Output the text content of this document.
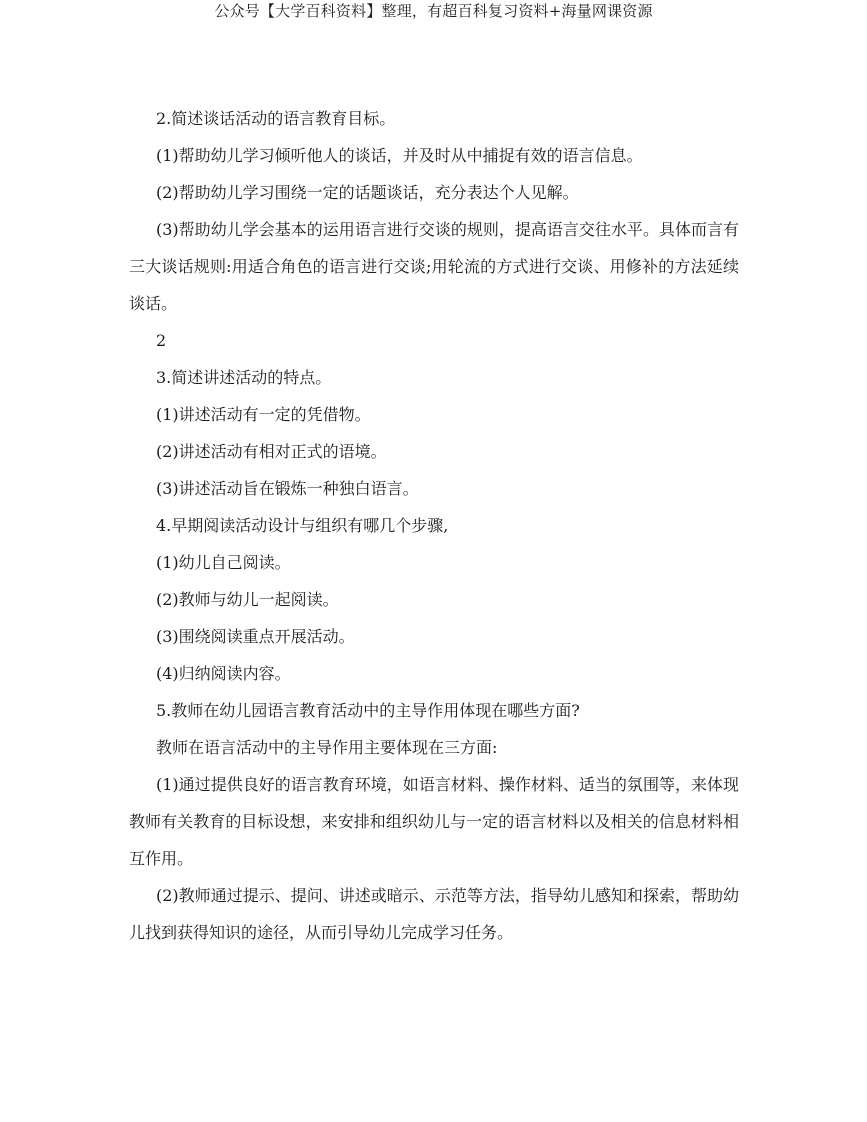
公众号【大学百科资料】整理，有超百科复习资料+海量网课资源

2.简述谈话活动的语言教育目标。

(1)帮助幼儿学习倾听他人的谈话，并及时从中捕捉有效的语言信息。

(2)帮助幼儿学习围绕一定的话题谈话，充分表达个人见解。

(3)帮助幼儿学会基本的运用语言进行交谈的规则，提高语言交往水平。具体而言有三大谈话规则:用适合角色的语言进行交谈;用轮流的方式进行交谈、用修补的方法延续谈话。

2

3.简述讲述活动的特点。

(1)讲述活动有一定的凭借物。

(2)讲述活动有相对正式的语境。

(3)讲述活动旨在锻炼一种独白语言。

4.早期阅读活动设计与组织有哪几个步骤,

(1)幼儿自己阅读。

(2)教师与幼儿一起阅读。

(3)围绕阅读重点开展活动。

(4)归纳阅读内容。

5.教师在幼儿园语言教育活动中的主导作用体现在哪些方面?

教师在语言活动中的主导作用主要体现在三方面:

(1)通过提供良好的语言教育环境，如语言材料、操作材料、适当的氛围等，来体现教师有关教育的目标设想，来安排和组织幼儿与一定的语言材料以及相关的信息材料相互作用。

(2)教师通过提示、提问、讲述或暗示、示范等方法，指导幼儿感知和探索，帮助幼儿找到获得知识的途径，从而引导幼儿完成学习任务。
